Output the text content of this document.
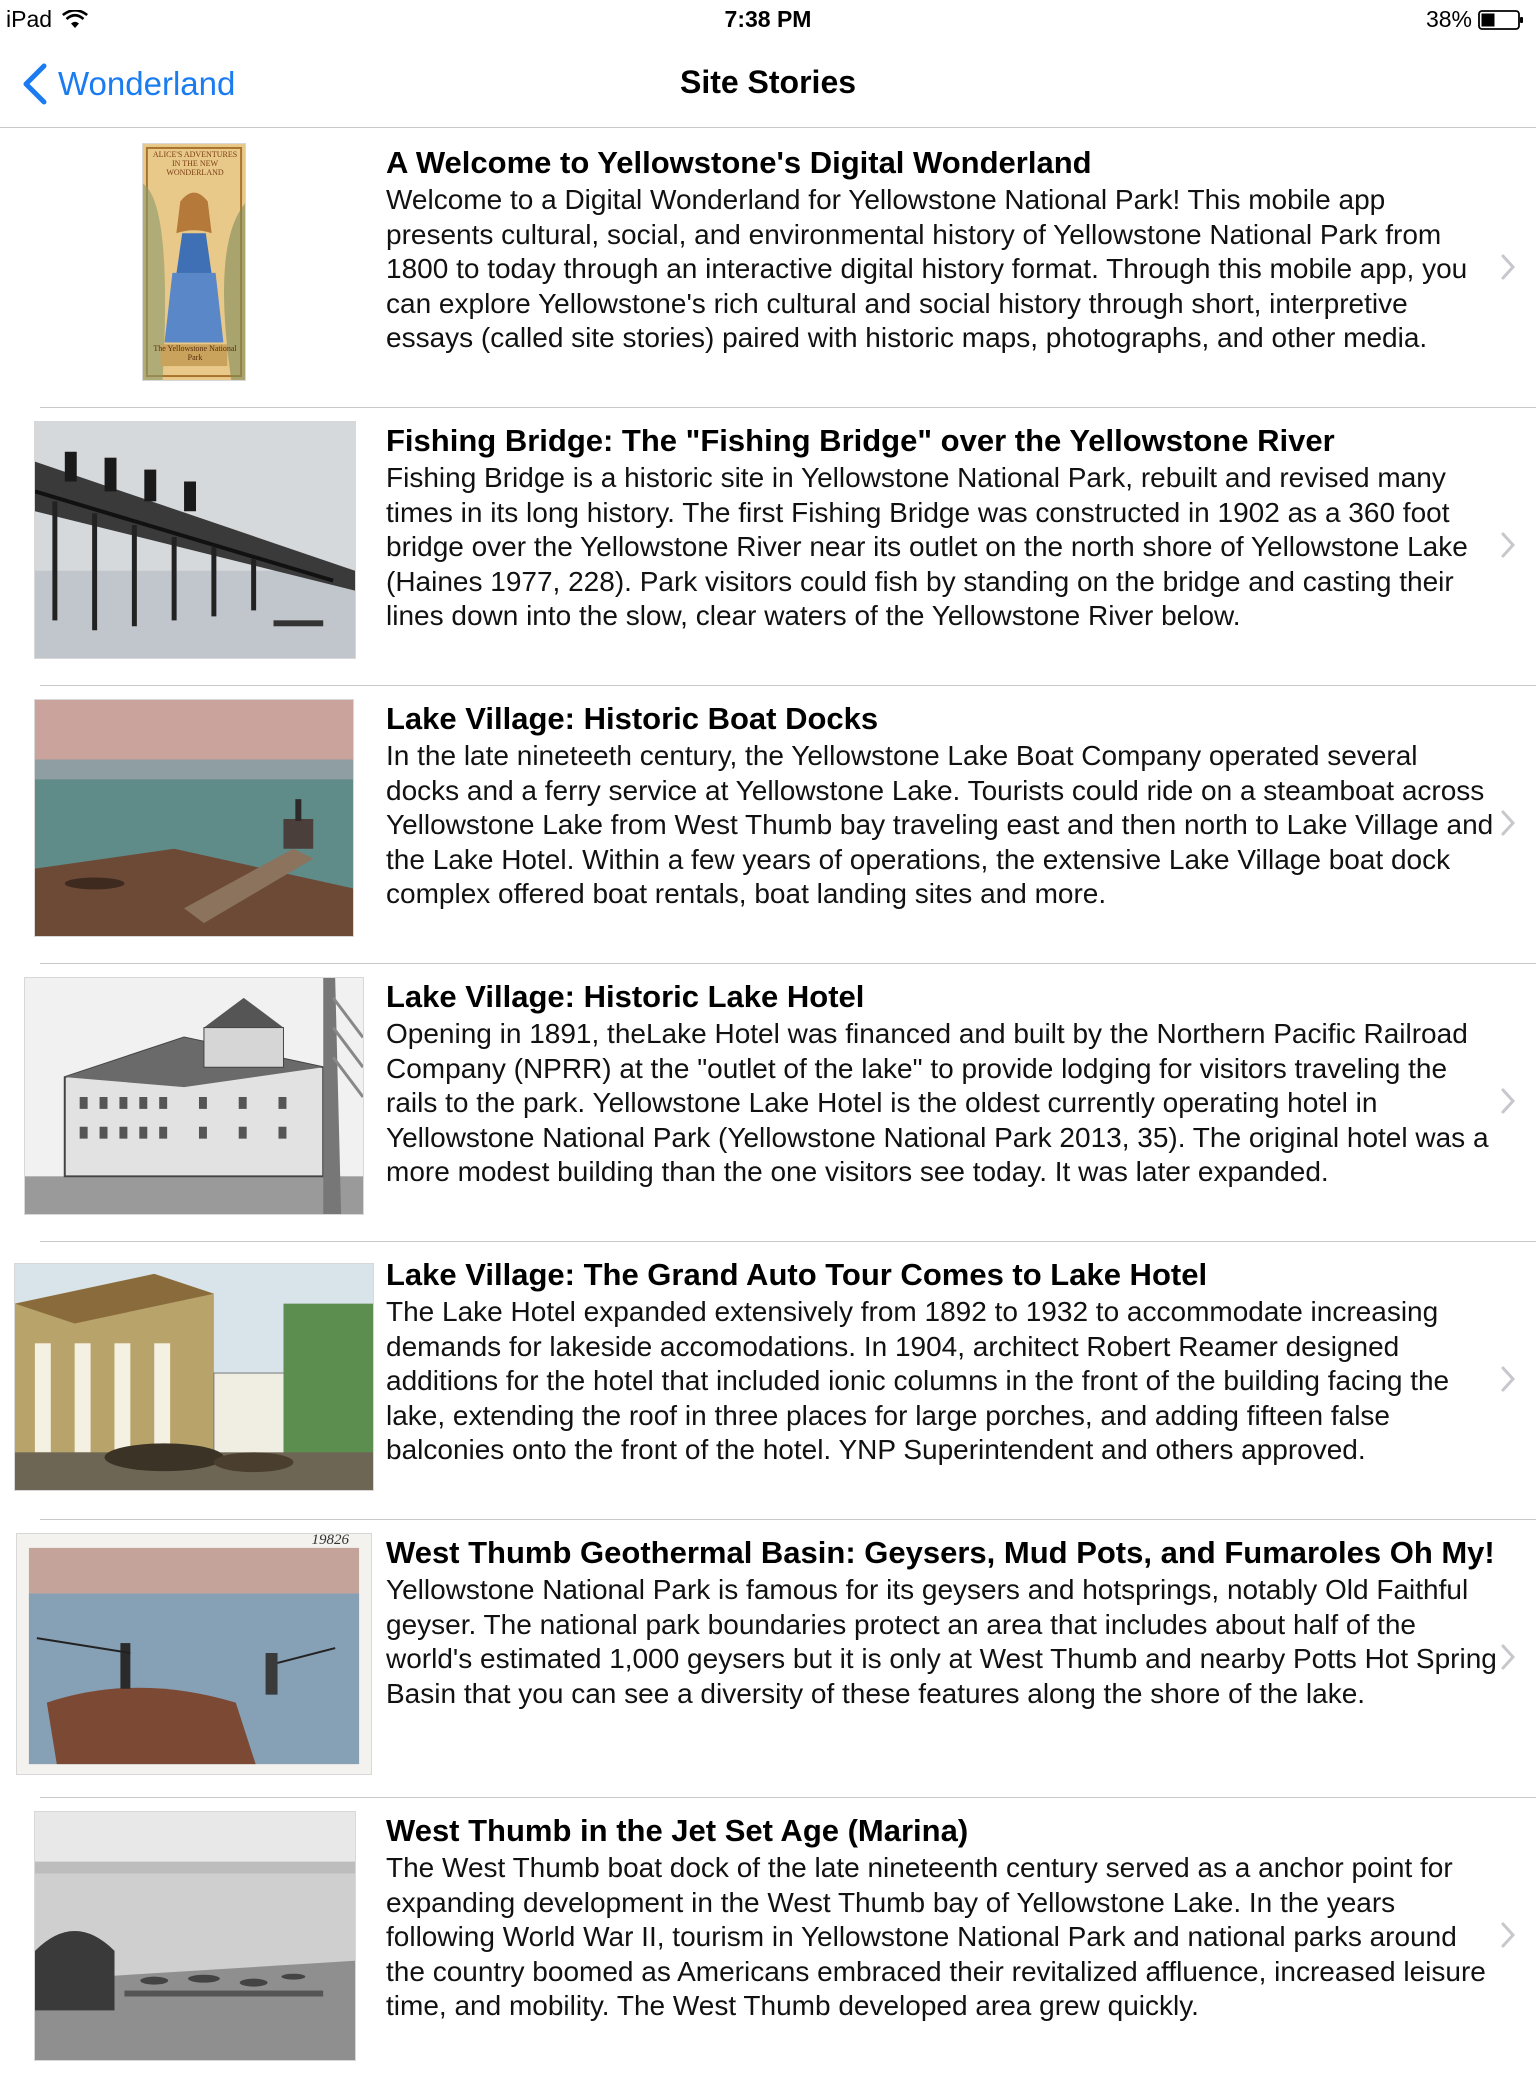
iPad	7:38 PM	38%
Wonderland	Site Stories
ALICE'S ADVENTURES IN THE NEW WONDERLAND
The Yellowstone National Park
A Welcome to Yellowstone's Digital Wonderland
Welcome to a Digital Wonderland for Yellowstone National Park! This mobile app presents cultural, social, and environmental history of Yellowstone National Park from 1800 to today through an interactive digital history format. Through this mobile app, you can explore Yellowstone's rich cultural and social history through short, interpretive essays (called site stories) paired with historic maps, photographs, and other media.
Fishing Bridge: The "Fishing Bridge" over the Yellowstone River
Fishing Bridge is a historic site in Yellowstone National Park, rebuilt and revised many times in its long history. The first Fishing Bridge was constructed in 1902 as a 360 foot bridge over the Yellowstone River near its outlet on the north shore of Yellowstone Lake (Haines 1977, 228). Park visitors could fish by standing on the bridge and casting their lines down into the slow, clear waters of the Yellowstone River below.
Lake Village: Historic Boat Docks
In the late nineteeth century, the Yellowstone Lake Boat Company operated several docks and a ferry service at Yellowstone Lake. Tourists could ride on a steamboat across Yellowstone Lake from West Thumb bay traveling east and then north to Lake Village and the Lake Hotel. Within a few years of operations, the extensive Lake Village boat dock complex offered boat rentals, boat landing sites and more.
Lake Village: Historic Lake Hotel
Opening in 1891, theLake Hotel was financed and built by the Northern Pacific Railroad Company (NPRR) at the "outlet of the lake" to provide lodging for visitors traveling the rails to the park. Yellowstone Lake Hotel is the oldest currently operating hotel in Yellowstone National Park (Yellowstone National Park 2013, 35). The original hotel was a more modest building than the one visitors see today. It was later expanded.
Lake Village: The Grand Auto Tour Comes to Lake Hotel
The Lake Hotel expanded extensively from 1892 to 1932 to accommodate increasing demands for lakeside accomodations. In 1904, architect Robert Reamer designed additions for the hotel that included ionic columns in the front of the building facing the lake, extending the roof in three places for large porches, and adding fifteen false balconies onto the front of the hotel. YNP Superintendent and others approved.
19826 West Thumb Geothermal Basin: Geysers, Mud Pots, and Fumaroles Oh My!
Yellowstone National Park is famous for its geysers and hotsprings, notably Old Faithful geyser. The national park boundaries protect an area that includes about half of the world's estimated 1,000 geysers but it is only at West Thumb and nearby Potts Hot Spring Basin that you can see a diversity of these features along the shore of the lake.
West Thumb in the Jet Set Age (Marina)
The West Thumb boat dock of the late nineteenth century served as a anchor point for expanding development in the West Thumb bay of Yellowstone Lake. In the years following World War II, tourism in Yellowstone National Park and national parks around the country boomed as Americans embraced their revitalized affluence, increased leisure time, and mobility. The West Thumb developed area grew quickly.
